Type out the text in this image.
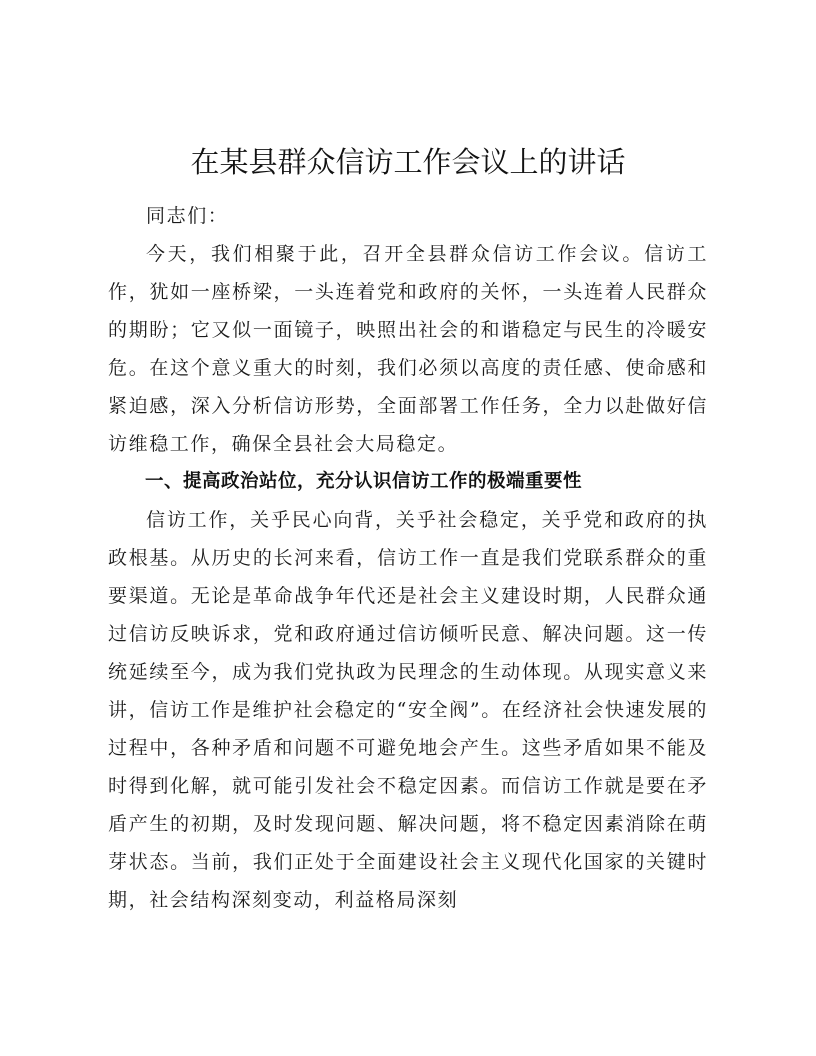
在某县群众信访工作会议上的讲话

同志们：

今天，我们相聚于此，召开全县群众信访工作会议。信访工作，犹如一座桥梁，一头连着党和政府的关怀，一头连着人民群众的期盼；它又似一面镜子，映照出社会的和谐稳定与民生的冷暖安危。在这个意义重大的时刻，我们必须以高度的责任感、使命感和紧迫感，深入分析信访形势，全面部署工作任务，全力以赴做好信访维稳工作，确保全县社会大局稳定。

一、提高政治站位，充分认识信访工作的极端重要性

信访工作，关乎民心向背，关乎社会稳定，关乎党和政府的执政根基。从历史的长河来看，信访工作一直是我们党联系群众的重要渠道。无论是革命战争年代还是社会主义建设时期，人民群众通过信访反映诉求，党和政府通过信访倾听民意、解决问题。这一传统延续至今，成为我们党执政为民理念的生动体现。从现实意义来讲，信访工作是维护社会稳定的“安全阀”。在经济社会快速发展的过程中，各种矛盾和问题不可避免地会产生。这些矛盾如果不能及时得到化解，就可能引发社会不稳定因素。而信访工作就是要在矛盾产生的初期，及时发现问题、解决问题，将不稳定因素消除在萌芽状态。当前，我们正处于全面建设社会主义现代化国家的关键时期，社会结构深刻变动，利益格局深刻
